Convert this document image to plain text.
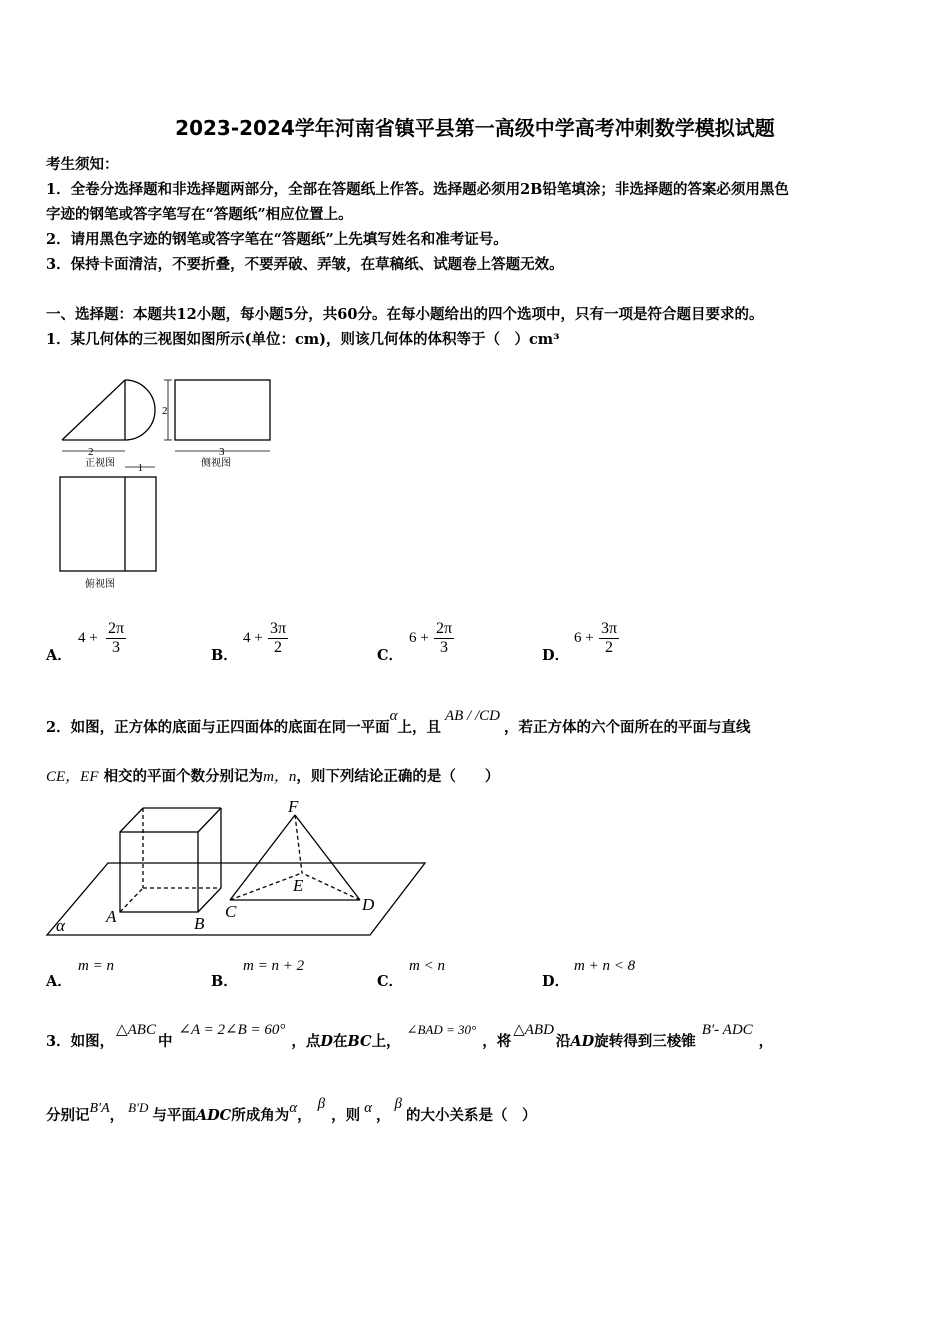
2023-2024学年河南省镇平县第一高级中学高考冲刺数学模拟试题
考生须知：
1．全卷分选择题和非选择题两部分，全部在答题纸上作答。选择题必须用2B铅笔填涂；非选择题的答案必须用黑色
字迹的钢笔或答字笔写在“答题纸”相应位置上。
2．请用黑色字迹的钢笔或答字笔在“答题纸”上先填写姓名和准考证号。
3．保持卡面清洁，不要折叠，不要弄破、弄皱，在草稿纸、试题卷上答题无效。
一、选择题：本题共12小题，每小题5分，共60分。在每小题给出的四个选项中，只有一项是符合题目要求的。
1．某几何体的三视图如图所示(单位：cm)，则该几何体的体积等于（　）cm³
2	3
2
1
正视图	侧视图
俯视图
A．
$4 + \frac{2\pi}{3}$	B．
$4 + \frac{3\pi}{2}$	C．
$6 + \frac{2\pi}{3}$	D．
$6 + \frac{3\pi}{2}$
2．如图，正方体的底面与正四面体的底面在同一平面α上，且AB / /CD，若正方体的六个面所在的平面与直线
CE，EF 相交的平面个数分别记为m，n，则下列结论正确的是（　　）
A	B
C	D
E
F
α
A．
m = n
B．
m = n + 2
C．
m < n
D．
m + n < 8
3．如图，△ABC中∠A = 2∠B = 60°，点D在BC上，∠BAD = 30°，将△ABD沿AD旋转得到三棱锥B′- ADC，
分别记B′A， B′D 与平面ADC所成角为α，β，则 α ，β的大小关系是（　）
